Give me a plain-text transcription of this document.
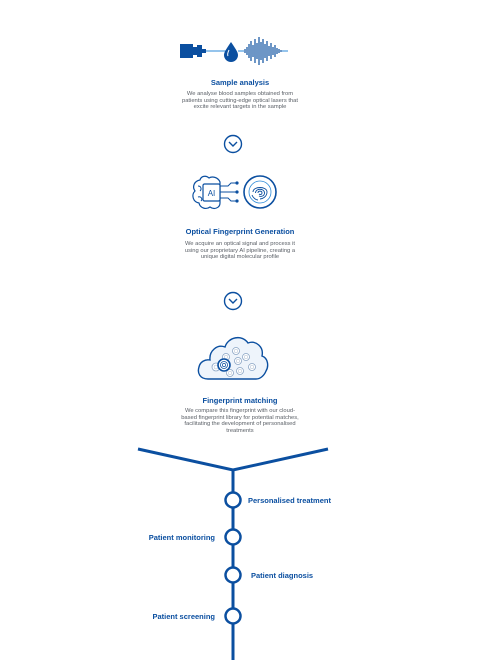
Sample analysis
We analyse blood samples obtained from patients using cutting-edge optical lasers that excite relevant targets in the sample
AI
Optical Fingerprint Generation
We acquire an optical signal and process it using our proprietary AI pipeline, creating a unique digital molecular profile
Fingerprint matching
We compare this fingerprint with our cloud-based fingerprint library for potential matches, facilitating the development of personalised treatments
Personalised treatment
Patient monitoring
Patient diagnosis
Patient screening
